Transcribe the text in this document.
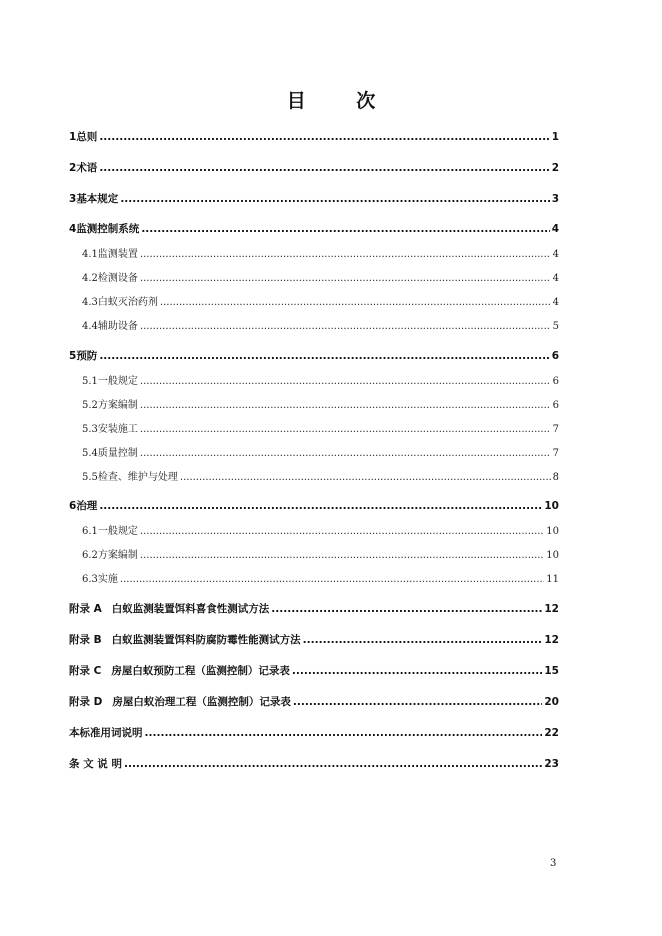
目 次
1 总则 .....	1
2 术语 .....	2
3 基本规定 .....	3
4 监测控制系统 .....	4
4.1 监测装置 .....	4
4.2 检测设备 .....	4
4.3 白蚁灭治药剂 .....	4
4.4 辅助设备 .....	5
5 预防 .....	6
5.1 一般规定 .....	6
5.2 方案编制 .....	6
5.3 安装施工 .....	7
5.4 质量控制 .....	7
5.5 检查、维护与处理 .....	8
6 治理 .....	10
6.1 一般规定 .....	10
6.2 方案编制 .....	10
6.3 实施 .....	11
附录 A 白蚁监测装置饵料喜食性测试方法 .....	12
附录 B 白蚁监测装置饵料防腐防霉性能测试方法 .....	12
附录 C 房屋白蚁预防工程（监测控制）记录表 .....	15
附录 D 房屋白蚁治理工程（监测控制）记录表 .....	20
本标准用词说明 .....	22
条 文 说 明 .....	23
3
